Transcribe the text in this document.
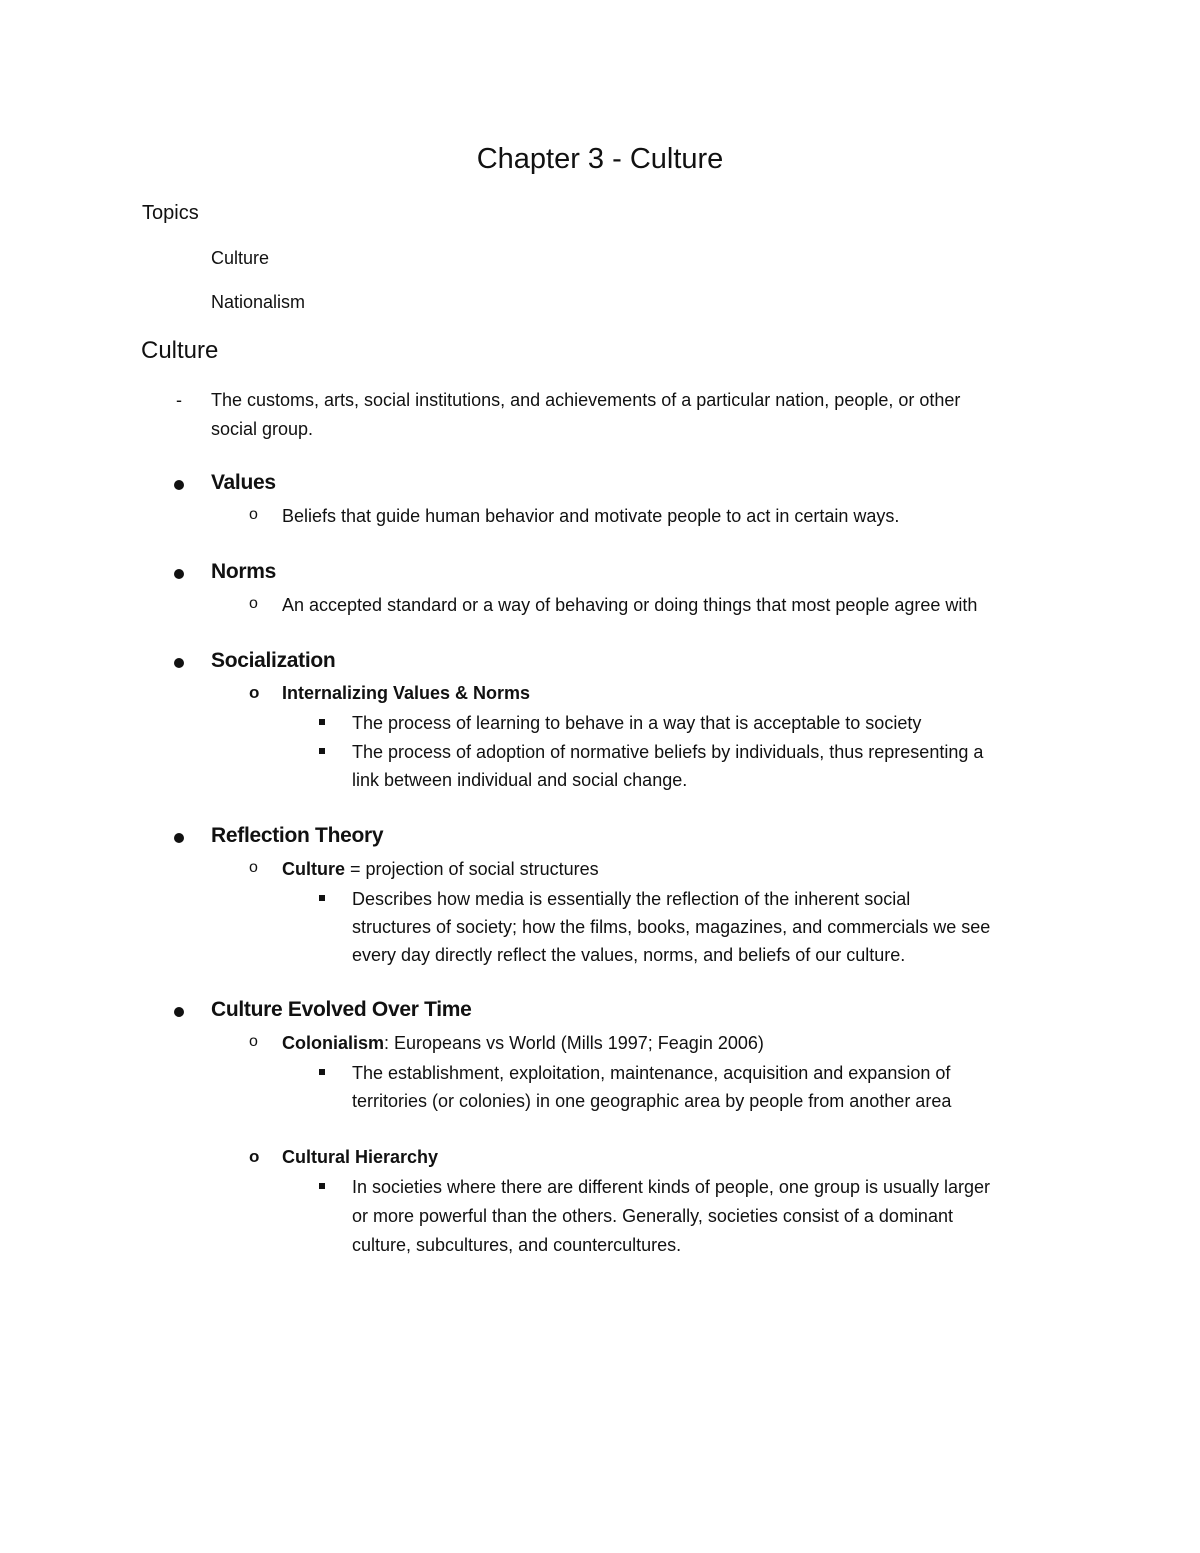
Chapter 3 - Culture
Topics
Culture
Nationalism
Culture
- The customs, arts, social institutions, and achievements of a particular nation, people, or other
social group.
Values
o Beliefs that guide human behavior and motivate people to act in certain ways.
Norms
o An accepted standard or a way of behaving or doing things that most people agree with
Socialization
o Internalizing Values & Norms
The process of learning to behave in a way that is acceptable to society
The process of adoption of normative beliefs by individuals, thus representing a
link between individual and social change.
Reflection Theory
o Culture = projection of social structures
Describes how media is essentially the reflection of the inherent social
structures of society; how the films, books, magazines, and commercials we see
every day directly reflect the values, norms, and beliefs of our culture.
Culture Evolved Over Time
o Colonialism: Europeans vs World (Mills 1997; Feagin 2006)
The establishment, exploitation, maintenance, acquisition and expansion of
territories (or colonies) in one geographic area by people from another area
o Cultural Hierarchy
In societies where there are different kinds of people, one group is usually larger
or more powerful than the others. Generally, societies consist of a dominant
culture, subcultures, and countercultures.
